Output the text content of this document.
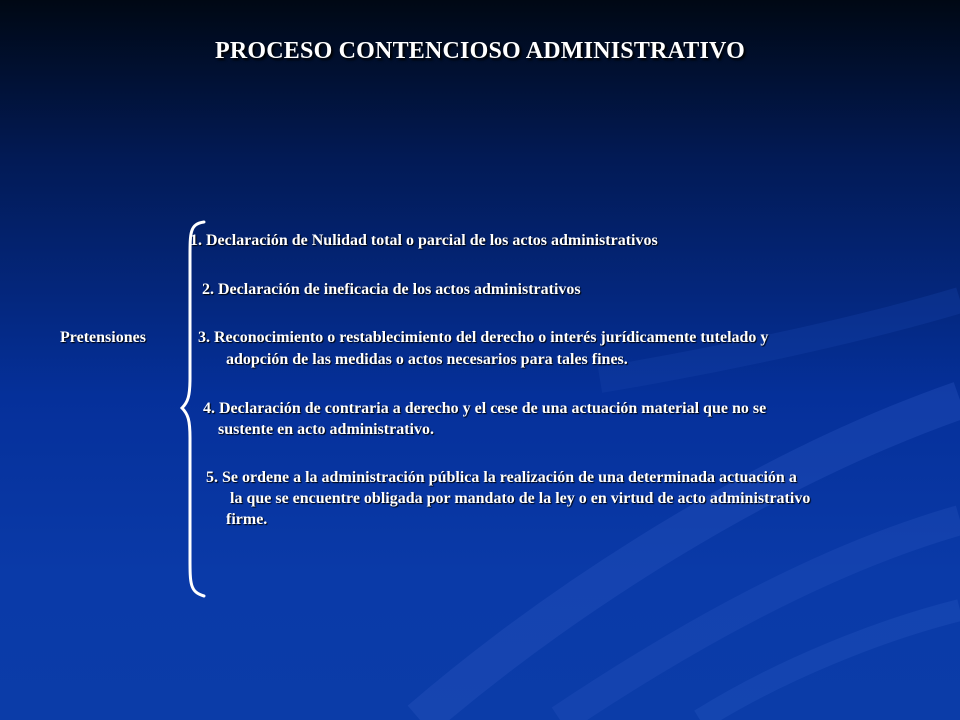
PROCESO CONTENCIOSO ADMINISTRATIVO
Pretensiones
1. Declaración de Nulidad total o parcial de los actos administrativos
2. Declaración de ineficacia de los actos administrativos
3. Reconocimiento o restablecimiento del derecho o interés jurídicamente tutelado y
adopción de las medidas o actos necesarios para tales fines.
4. Declaración de contraria a derecho y el cese de una actuación material que no se
sustente en acto administrativo.
5. Se ordene a la administración pública la realización de una determinada actuación a
la que se encuentre obligada por mandato de la ley o en virtud de acto administrativo
firme.
